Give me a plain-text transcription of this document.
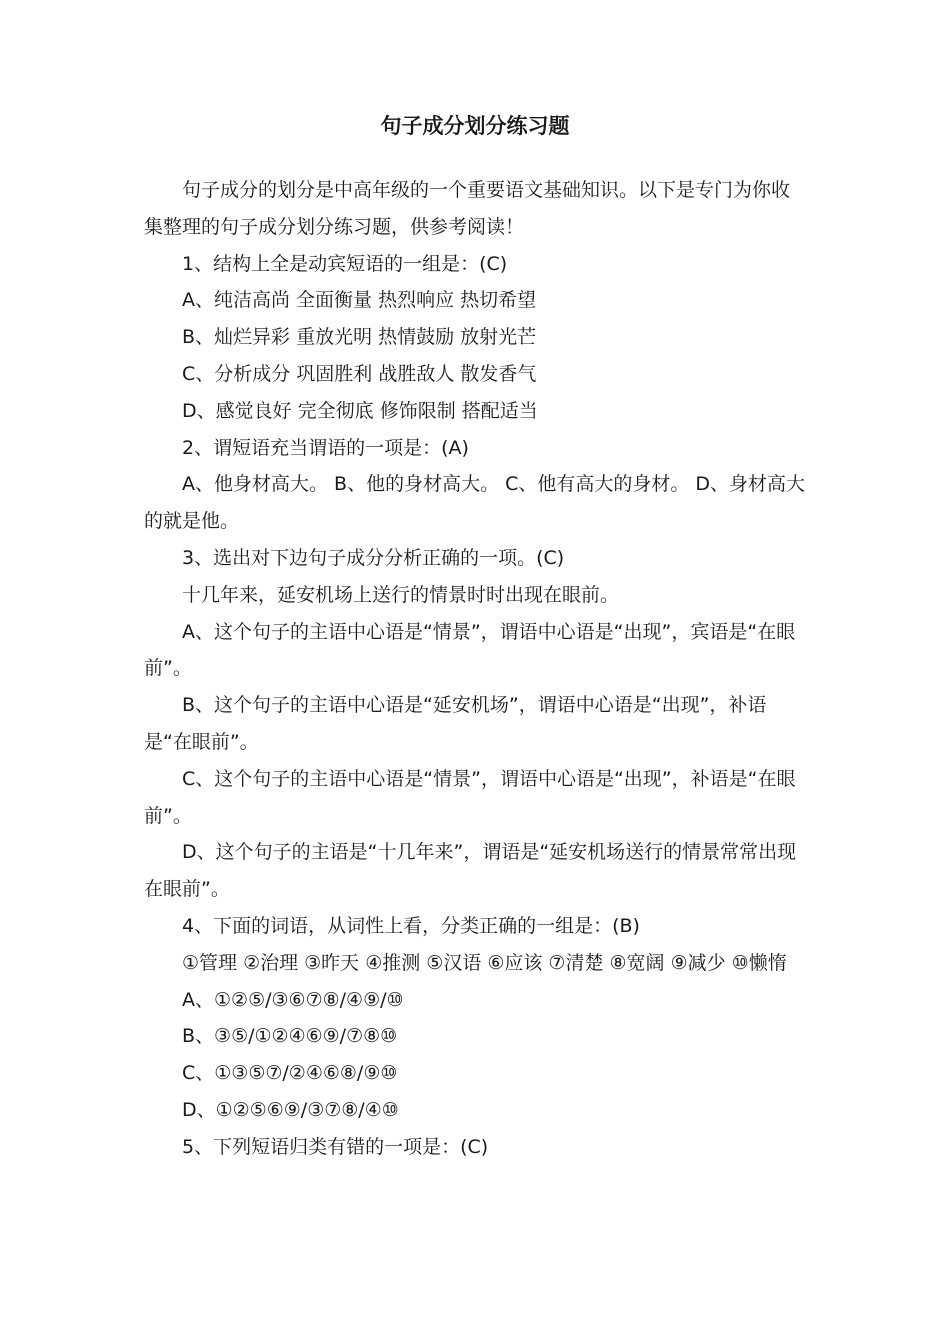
句子成分划分练习题

句子成分的划分是中高年级的一个重要语文基础知识。以下是专门为你收集整理的句子成分划分练习题，供参考阅读！

1、结构上全是动宾短语的一组是：(C)

A、纯洁高尚 全面衡量 热烈响应 热切希望

B、灿烂异彩 重放光明 热情鼓励 放射光芒

C、分析成分 巩固胜利 战胜敌人 散发香气

D、感觉良好 完全彻底 修饰限制 搭配适当

2、谓短语充当谓语的一项是：(A)

A、他身材高大。 B、他的身材高大。 C、他有高大的身材。 D、身材高大的就是他。

3、选出对下边句子成分分析正确的一项。(C)

十几年来，延安机场上送行的情景时时出现在眼前。

A、这个句子的主语中心语是“情景”，谓语中心语是“出现”，宾语是“在眼前”。

B、这个句子的主语中心语是“延安机场”，谓语中心语是“出现”，补语是“在眼前”。

C、这个句子的主语中心语是“情景”，谓语中心语是“出现”，补语是“在眼前”。

D、这个句子的主语是“十几年来”，谓语是“延安机场送行的情景常常出现在眼前”。

4、下面的词语，从词性上看，分类正确的一组是：(B)

①管理 ②治理 ③昨天 ④推测 ⑤汉语 ⑥应该 ⑦清楚 ⑧宽阔 ⑨减少 ⑩懒惰

A、①②⑤/③⑥⑦⑧/④⑨/⑩

B、③⑤/①②④⑥⑨/⑦⑧⑩

C、①③⑤⑦/②④⑥⑧/⑨⑩

D、①②⑤⑥⑨/③⑦⑧/④⑩

5、下列短语归类有错的一项是：(C)
